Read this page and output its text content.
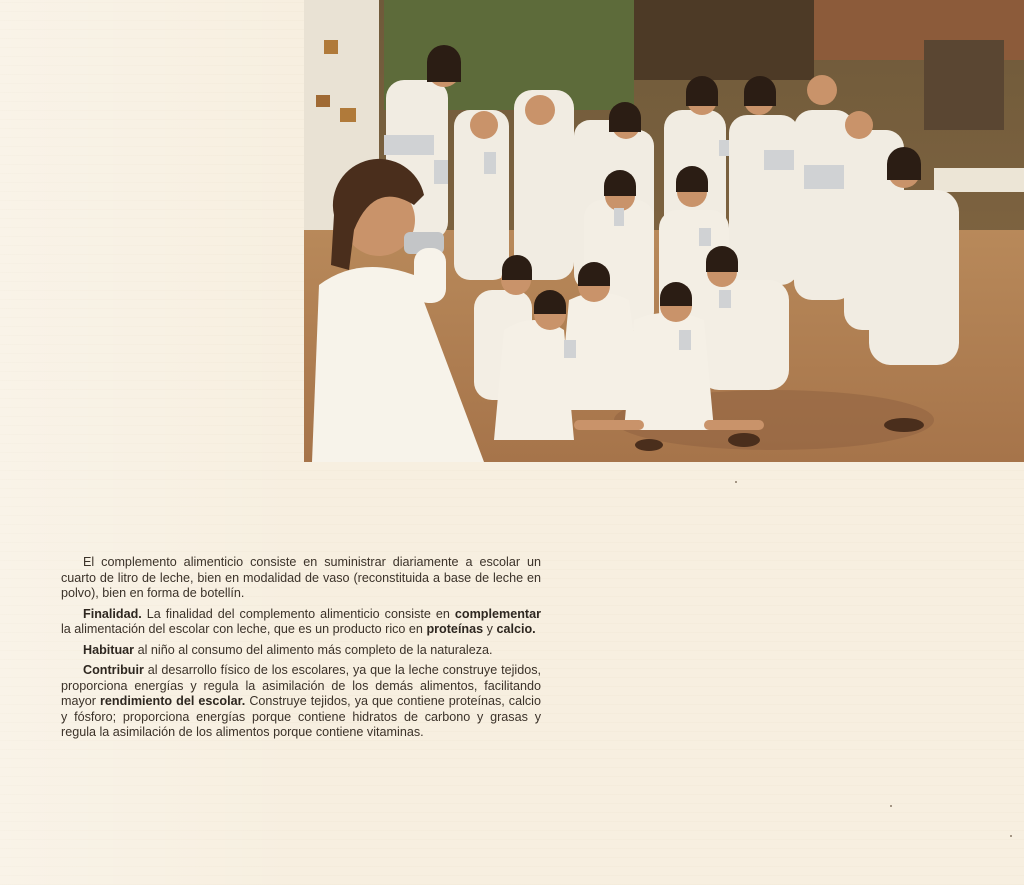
El complemento alimenticio consiste en suministrar diariamente a escolar un cuarto de litro de leche, bien en modalidad de vaso (reconstituida a base de leche en polvo), bien en forma de botellín.

Finalidad. La finalidad del complemento alimenticio consiste en complementar la alimentación del escolar con leche, que es un producto rico en proteínas y calcio.

Habituar al niño al consumo del alimento más completo de la naturaleza.

Contribuir al desarrollo físico de los escolares, ya que la leche construye tejidos, proporciona energías y regula la asimilación de los demás alimentos, facilitando mayor rendimiento del escolar. Construye tejidos, ya que contiene proteínas, calcio y fósforo; proporciona energías porque contiene hidratos de carbono y grasas y regula la asimilación de los alimentos porque contiene vitaminas.
